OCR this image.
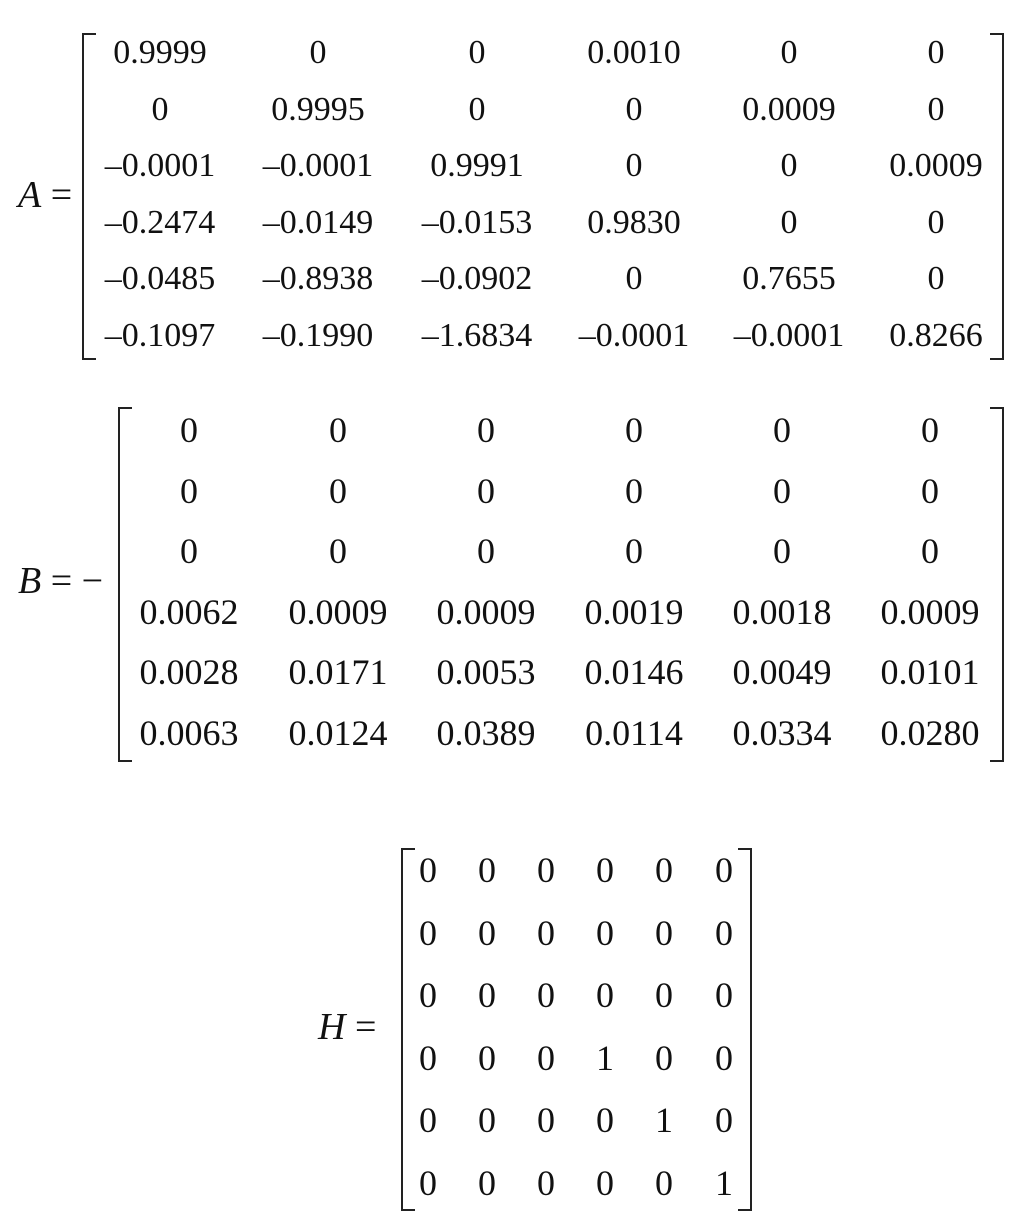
A =
0.9999	0	0	0.0010	0	0
0	0.9995	0	0	0.0009	0
–0.0001 –0.0001 0.9991	0	0	0.0009
–0.2474 –0.0149 –0.0153 0.9830	0	0
–0.0485 –0.8938 –0.0902	0	0.7655	0
–0.1097 –0.1990 –1.6834 –0.0001 –0.0001 0.8266
B = −
0	0	0	0	0	0
0	0	0	0	0	0
0	0	0	0	0	0
0.0062 0.0009 0.0009 0.0019 0.0018 0.0009
0.0028 0.0171 0.0053 0.0146 0.0049 0.0101
0.0063 0.0124 0.0389 0.0114 0.0334 0.0280
H =
0 0 0 0 0 0
0 0 0 0 0 0
0 0 0 0 0 0
0 0 0 1 0 0
0 0 0 0 1 0
0 0 0 0 0 1
